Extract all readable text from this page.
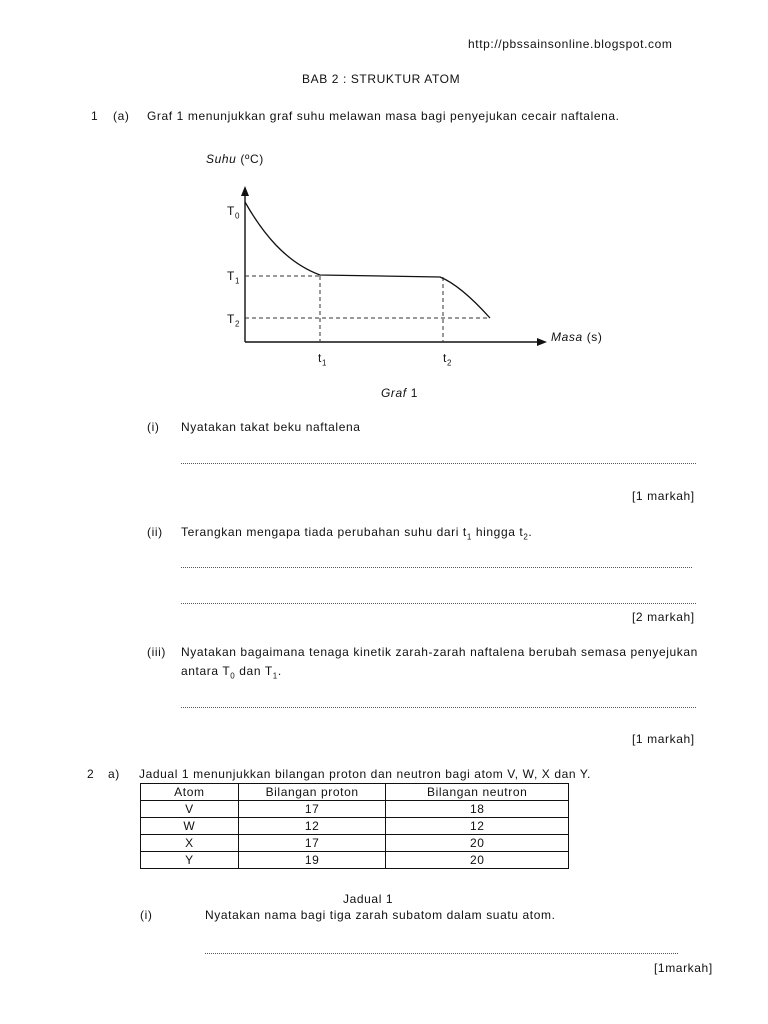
http://pbssainsonline.blogspot.com
BAB 2 : STRUKTUR ATOM
1 (a) Graf 1 menunjukkan graf suhu melawan masa bagi penyejukan cecair naftalena.
Suhu (ºC)
$T_0$
$T_1$
$T_2$
Masa (s)
$t_1$	$t_2$
Graf 1
(i) Nyatakan takat beku naftalena
[1 markah]
(ii) Terangkan mengapa tiada perubahan suhu dari $t_1$ hingga $t_2$.
[2 markah]
(iii) Nyatakan bagaimana tenaga kinetik zarah-zarah naftalena berubah semasa penyejukan
antara $T_0$ dan $T_1$.
[1 markah]
2 a) Jadual 1 menunjukkan bilangan proton dan neutron bagi atom V, W, X dan Y.
Atom	Bilangan proton	Bilangan neutron
V	17	18
W	12	12
X	17	20
Y	19	20
Jadual 1
(i)	Nyatakan nama bagi tiga zarah subatom dalam suatu atom.
[1markah]
